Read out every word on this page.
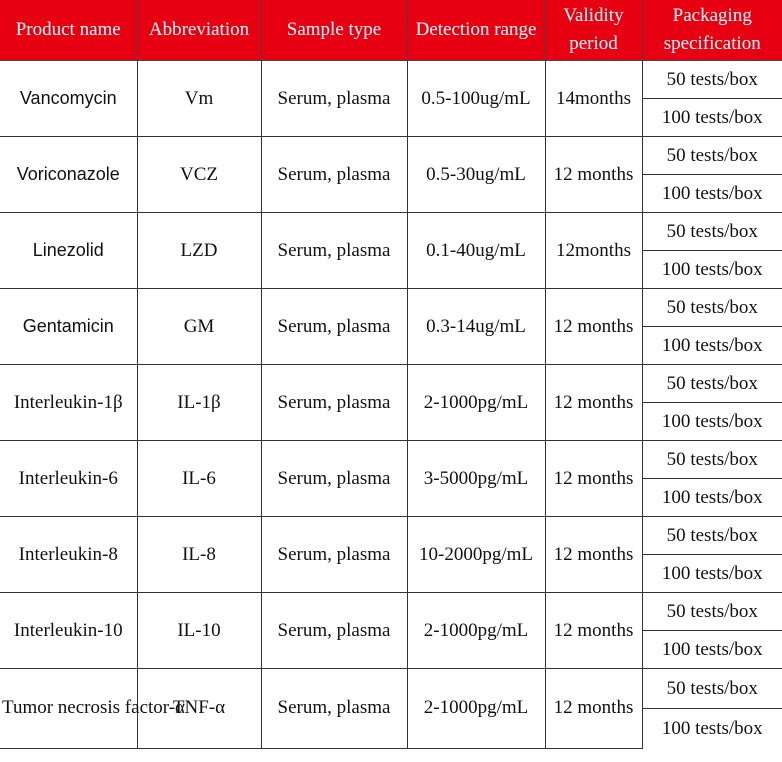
Product name	Abbreviation	Sample type	Detection range	Validity period	Packaging specification
Vancomycin	Vm	Serum, plasma	0.5-100ug/mL	14months	50 tests/box
					100 tests/box
Voriconazole	VCZ	Serum, plasma	0.5-30ug/mL	12 months	50 tests/box
					100 tests/box
Linezolid	LZD	Serum, plasma	0.1-40ug/mL	12months	50 tests/box
					100 tests/box
Gentamicin	GM	Serum, plasma	0.3-14ug/mL	12 months	50 tests/box
					100 tests/box
Interleukin-1β	IL-1β	Serum, plasma	2-1000pg/mL	12 months	50 tests/box
					100 tests/box
Interleukin-6	IL-6	Serum, plasma	3-5000pg/mL	12 months	50 tests/box
					100 tests/box
Interleukin-8	IL-8	Serum, plasma	10-2000pg/mL	12 months	50 tests/box
					100 tests/box
Interleukin-10	IL-10	Serum, plasma	2-1000pg/mL	12 months	50 tests/box
					100 tests/box
Tumor necrosis factor-α	TNF-α	Serum, plasma	2-1000pg/mL	12 months	50 tests/box
					100 tests/box
